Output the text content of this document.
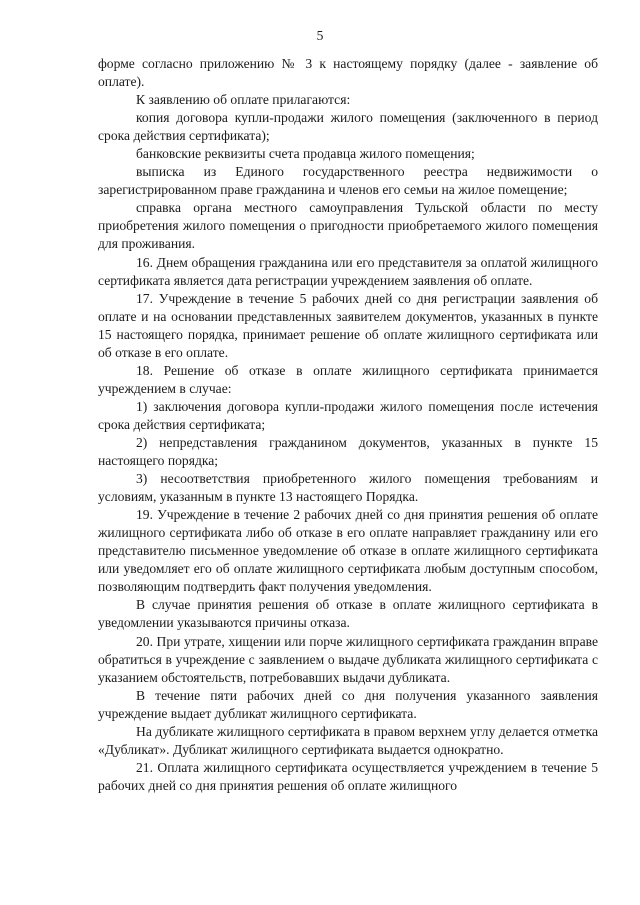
5

форме согласно приложению № 3 к настоящему порядку (далее - заявление об оплате).

К заявлению об оплате прилагаются:

копия договора купли-продажи жилого помещения (заключенного в период срока действия сертификата);

банковские реквизиты счета продавца жилого помещения;

выписка из Единого государственного реестра недвижимости о зарегистрированном праве гражданина и членов его семьи на жилое помещение;

справка органа местного самоуправления Тульской области по месту приобретения жилого помещения о пригодности приобретаемого жилого помещения для проживания.

16. Днем обращения гражданина или его представителя за оплатой жилищного сертификата является дата регистрации учреждением заявления об оплате.

17. Учреждение в течение 5 рабочих дней со дня регистрации заявления об оплате и на основании представленных заявителем документов, указанных в пункте 15 настоящего порядка, принимает решение об оплате жилищного сертификата или об отказе в его оплате.

18. Решение об отказе в оплате жилищного сертификата принимается учреждением в случае:

1) заключения договора купли-продажи жилого помещения после истечения срока действия сертификата;

2) непредставления гражданином документов, указанных в пункте 15 настоящего порядка;

3) несоответствия приобретенного жилого помещения требованиям и условиям, указанным в пункте 13 настоящего Порядка.

19. Учреждение в течение 2 рабочих дней со дня принятия решения об оплате жилищного сертификата либо об отказе в его оплате направляет гражданину или его представителю письменное уведомление об отказе в оплате жилищного сертификата или уведомляет его об оплате жилищного сертификата любым доступным способом, позволяющим подтвердить факт получения уведомления.

В случае принятия решения об отказе в оплате жилищного сертификата в уведомлении указываются причины отказа.

20. При утрате, хищении или порче жилищного сертификата гражданин вправе обратиться в учреждение с заявлением о выдаче дубликата жилищного сертификата с указанием обстоятельств, потребовавших выдачи дубликата.

В течение пяти рабочих дней со дня получения указанного заявления учреждение выдает дубликат жилищного сертификата.

На дубликате жилищного сертификата в правом верхнем углу делается отметка «Дубликат». Дубликат жилищного сертификата выдается однократно.

21. Оплата жилищного сертификата осуществляется учреждением в течение 5 рабочих дней со дня принятия решения об оплате жилищного
